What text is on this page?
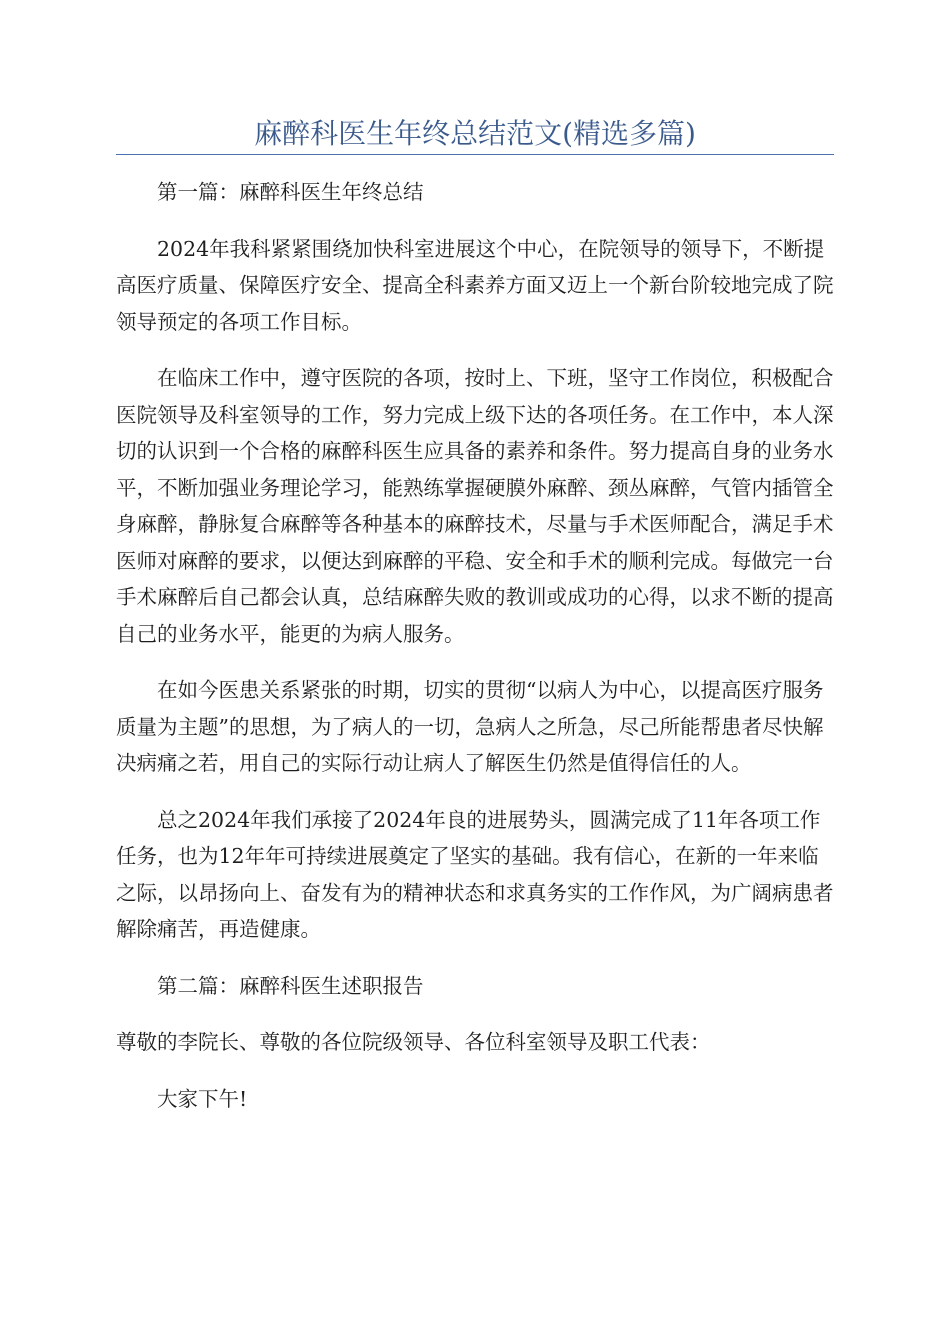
麻醉科医生年终总结范文(精选多篇)

第一篇：麻醉科医生年终总结

2024年我科紧紧围绕加快科室进展这个中心，在院领导的领导下，不断提高医疗质量、保障医疗安全、提高全科素养方面又迈上一个新台阶较地完成了院领导预定的各项工作目标。

在临床工作中，遵守医院的各项，按时上、下班，坚守工作岗位，积极配合医院领导及科室领导的工作，努力完成上级下达的各项任务。在工作中，本人深切的认识到一个合格的麻醉科医生应具备的素养和条件。努力提高自身的业务水平，不断加强业务理论学习，能熟练掌握硬膜外麻醉、颈丛麻醉，气管内插管全身麻醉，静脉复合麻醉等各种基本的麻醉技术，尽量与手术医师配合，满足手术医师对麻醉的要求，以便达到麻醉的平稳、安全和手术的顺利完成。每做完一台手术麻醉后自己都会认真，总结麻醉失败的教训或成功的心得，以求不断的提高自己的业务水平，能更的为病人服务。

在如今医患关系紧张的时期，切实的贯彻“以病人为中心，以提高医疗服务质量为主题”的思想，为了病人的一切，急病人之所急，尽己所能帮患者尽快解决病痛之若，用自己的实际行动让病人了解医生仍然是值得信任的人。

总之2024年我们承接了2024年良的进展势头，圆满完成了11年各项工作任务，也为12年年可持续进展奠定了坚实的基础。我有信心，在新的一年来临之际，以昂扬向上、奋发有为的精神状态和求真务实的工作作风，为广阔病患者解除痛苦，再造健康。

第二篇：麻醉科医生述职报告

尊敬的李院长、尊敬的各位院级领导、各位科室领导及职工代表：

大家下午!
